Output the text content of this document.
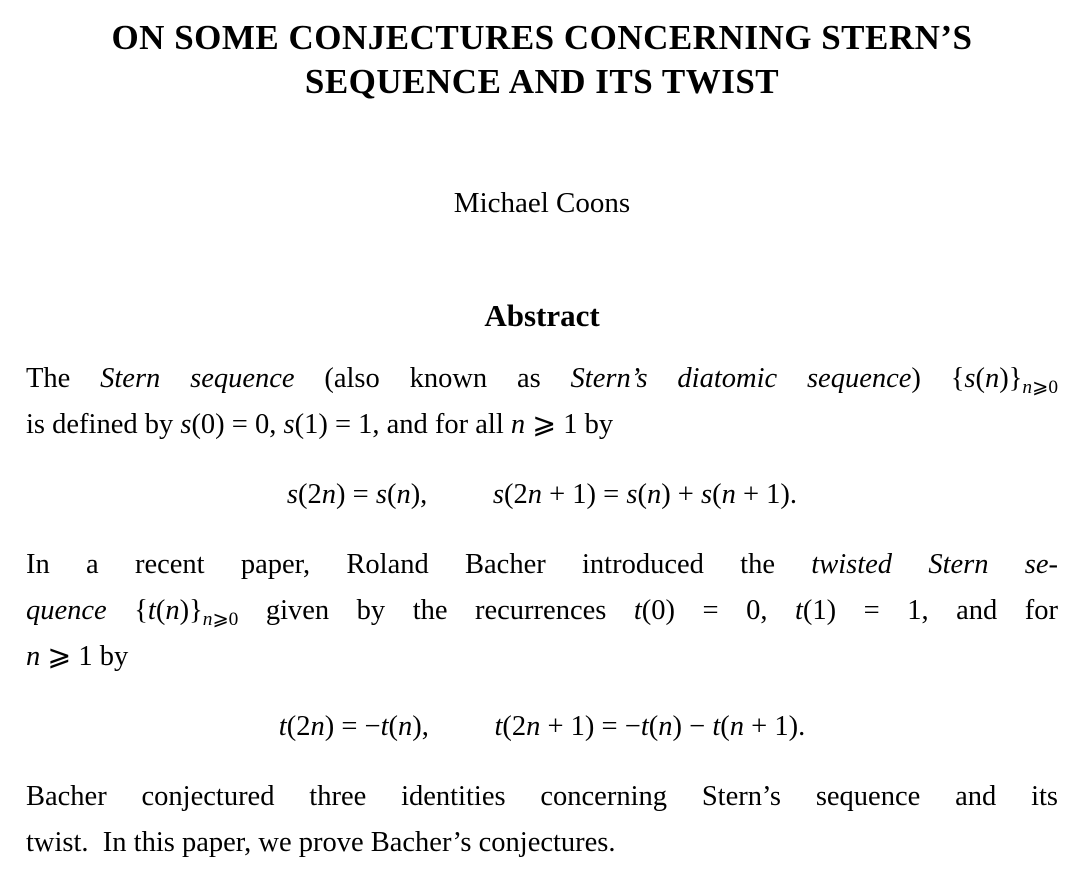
ON SOME CONJECTURES CONCERNING STERN’S
SEQUENCE AND ITS TWIST
Michael Coons
Abstract
The Stern sequence (also known as Stern’s diatomic sequence) $\{s(n)\}_{n⩾0}$
is defined by s(0) = 0, s(1) = 1, and for all n ⩾ 1 by
s(2n) = s(n), s(2n + 1) = s(n) + s(n + 1).
In a recent paper, Roland Bacher introduced the twisted Stern se-
quence $\{t(n)\}_{n⩾0}$ given by the recurrences t(0) = 0, t(1) = 1, and for
n ⩾ 1 by
t(2n) = −t(n), t(2n + 1) = −t(n) − t(n + 1).
Bacher conjectured three identities concerning Stern’s sequence and its
twist. In this paper, we prove Bacher’s conjectures.
